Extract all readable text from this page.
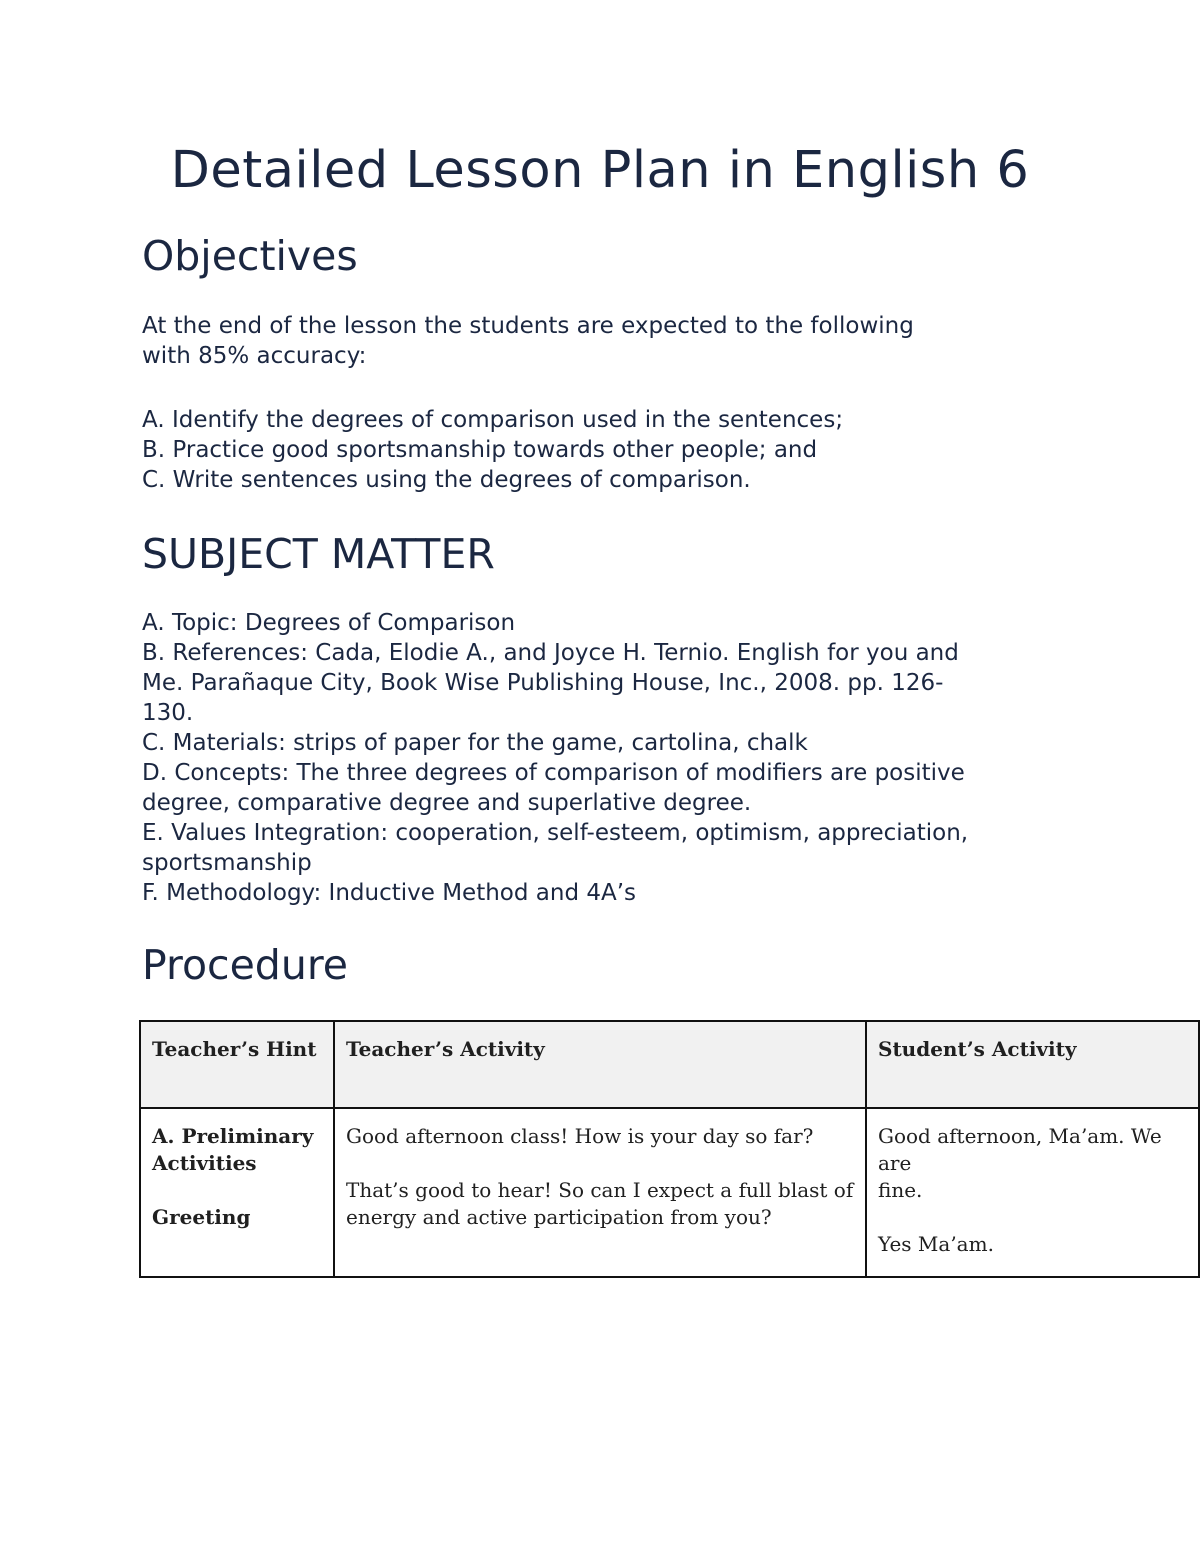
Detailed Lesson Plan in English 6
Objectives

At the end of the lesson the students are expected to the following
with 85% accuracy:

A. Identify the degrees of comparison used in the sentences;
B. Practice good sportsmanship towards other people; and
C. Write sentences using the degrees of comparison.

SUBJECT MATTER

A. Topic: Degrees of Comparison
B. References: Cada, Elodie A., and Joyce H. Ternio. English for you and
Me. Parañaque City, Book Wise Publishing House, Inc., 2008. pp. 126-
130.
C. Materials: strips of paper for the game, cartolina, chalk
D. Concepts: The three degrees of comparison of modifiers are positive
degree, comparative degree and superlative degree.
E. Values Integration: cooperation, self-esteem, optimism, appreciation,
sportsmanship
F. Methodology: Inductive Method and 4A’s

Procedure
Teacher’s Hint	Teacher’s Activity	Student’s Activity

A. Preliminary
Activities
Greeting	Good afternoon class! How is your day so far?
That’s good to hear! So can I expect a full blast of
energy and active participation from you?	Good afternoon, Ma’am. We are
fine.
Yes Ma’am.
